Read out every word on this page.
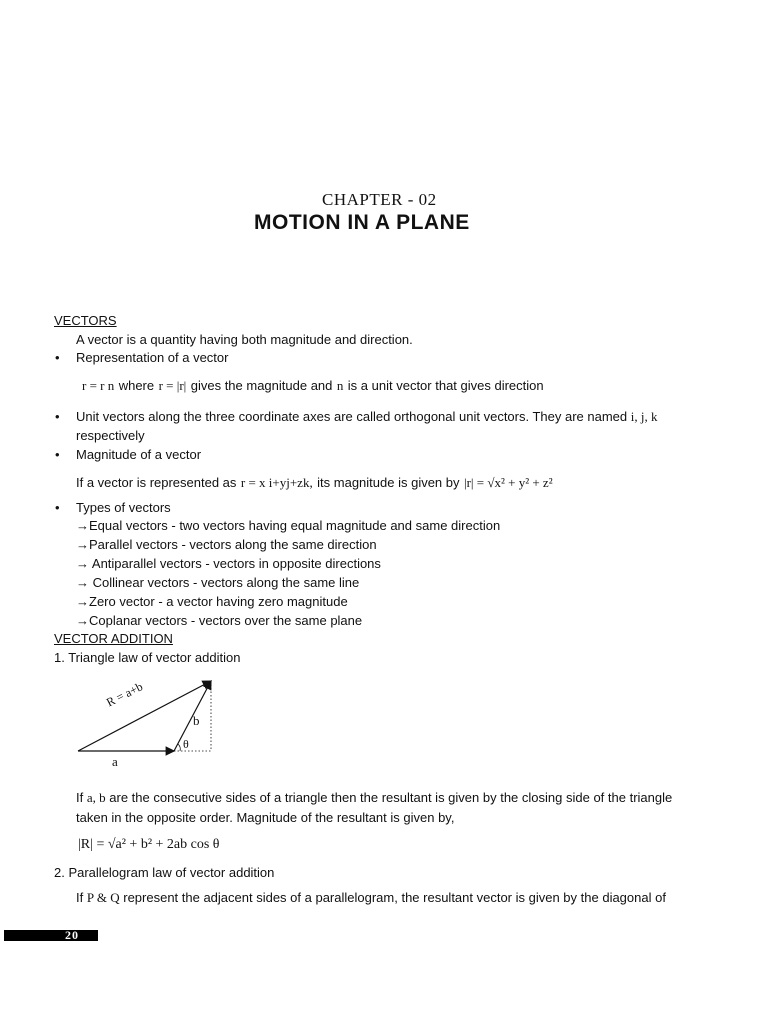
CHAPTER - 02
MOTION IN A PLANE
VECTORS
A vector is a quantity having both magnitude and direction.
• Representation of a vector
r = r n where r = |r| gives the magnitude and n is a unit vector that gives direction
• Unit vectors along the three coordinate axes are called orthogonal unit vectors. They are named i, j, k
respectively
• Magnitude of a vector
If a vector is represented as r = x i+yj+zk, its magnitude is given by |r| = √x² + y² + z²
• Types of vectors
→Equal vectors - two vectors having equal magnitude and same direction
→Parallel vectors - vectors along the same direction
→ Antiparallel vectors - vectors in opposite directions
→ Collinear vectors - vectors along the same line
→Zero vector - a vector having zero magnitude
→Coplanar vectors - vectors over the same plane
VECTOR ADDITION
1. Triangle law of vector addition
R = a+b
b
θ
a
If a, b are the consecutive sides of a triangle then the resultant is given by the closing side of the triangle
taken in the opposite order. Magnitude of the resultant is given by,
|R| = √a² + b² + 2ab cos θ
2. Parallelogram law of vector addition
If P & Q represent the adjacent sides of a parallelogram, the resultant vector is given by the diagonal of
20
